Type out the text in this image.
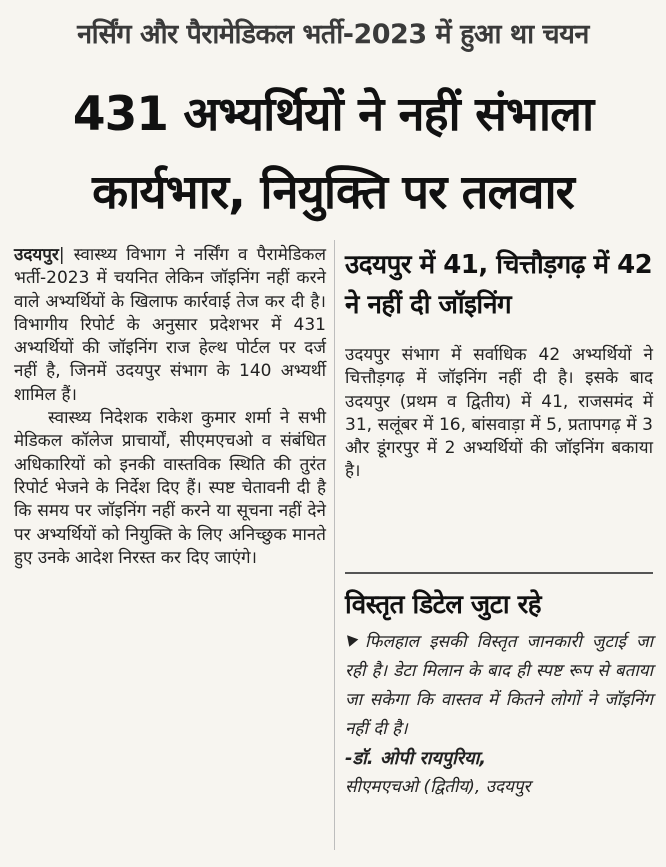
नर्सिंग और पैरामेडिकल भर्ती-2023 में हुआ था चयन
431 अभ्यर्थियों ने नहीं संभाला
कार्यभार, नियुक्ति पर तलवार

उदयपुर| स्वास्थ्य विभाग ने नर्सिंग व पैरामेडिकल भर्ती-2023 में चयनित लेकिन जॉइनिंग नहीं करने वाले अभ्यर्थियों के खिलाफ कार्रवाई तेज कर दी है। विभागीय रिपोर्ट के अनुसार प्रदेशभर में 431 अभ्यर्थियों की जॉइनिंग राज हेल्थ पोर्टल पर दर्ज नहीं है, जिनमें उदयपुर संभाग के 140 अभ्यर्थी शामिल हैं।

स्वास्थ्य निदेशक राकेश कुमार शर्मा ने सभी मेडिकल कॉलेज प्राचार्यों, सीएमएचओ व संबंधित अधिकारियों को इनकी वास्तविक स्थिति की तुरंत रिपोर्ट भेजने के निर्देश दिए हैं। स्पष्ट चेतावनी दी है कि समय पर जॉइनिंग नहीं करने या सूचना नहीं देने पर अभ्यर्थियों को नियुक्ति के लिए अनिच्छुक मानते हुए उनके आदेश निरस्त कर दिए जाएंगे।

उदयपुर में 41, चित्तौड़गढ़ में 42 ने नहीं दी जॉइनिंग

उदयपुर संभाग में सर्वाधिक 42 अभ्यर्थियों ने चित्तौड़गढ़ में जॉइनिंग नहीं दी है। इसके बाद उदयपुर (प्रथम व द्वितीय) में 41, राजसमंद में 31, सलूंबर में 16, बांसवाड़ा में 5, प्रतापगढ़ में 3 और डूंगरपुर में 2 अभ्यर्थियों की जॉइनिंग बकाया है।

विस्तृत डिटेल जुटा रहे

फिलहाल इसकी विस्तृत जानकारी जुटाई जा रही है। डेटा मिलान के बाद ही स्पष्ट रूप से बताया जा सकेगा कि वास्तव में कितने लोगों ने जॉइनिंग नहीं दी है।

-डॉ. ओपी रायपुरिया,
सीएमएचओ (द्वितीय), उदयपुर
